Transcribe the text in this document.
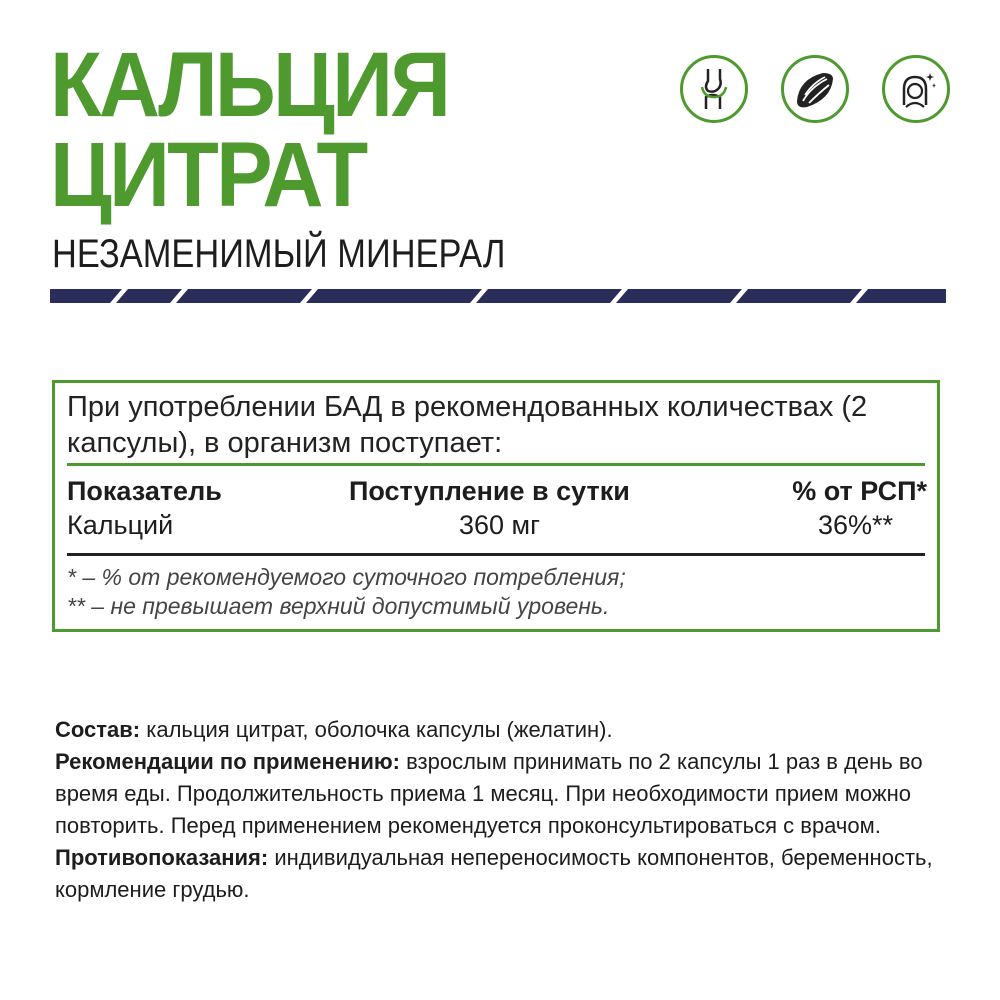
КАЛЬЦИЯ
ЦИТРАТ
НЕЗАМЕНИМЫЙ МИНЕРАЛ
При употреблении БАД в рекомендованных количествах (2 капсулы), в организм поступает:
Показатель	Поступление в сутки	% от РСП*
Кальций	360 мг	36%**
* – % от рекомендуемого суточного потребления;
** – не превышает верхний допустимый уровень.

Состав: кальция цитрат, оболочка капсулы (желатин).

Рекомендации по применению: взрослым принимать по 2 капсулы 1 раз в день во время еды. Продолжительность приема 1 месяц. При необходимости прием можно повторить. Перед применением рекомендуется проконсультироваться с врачом.

Противопоказания: индивидуальная непереносимость компонентов, беременность, кормление грудью.
